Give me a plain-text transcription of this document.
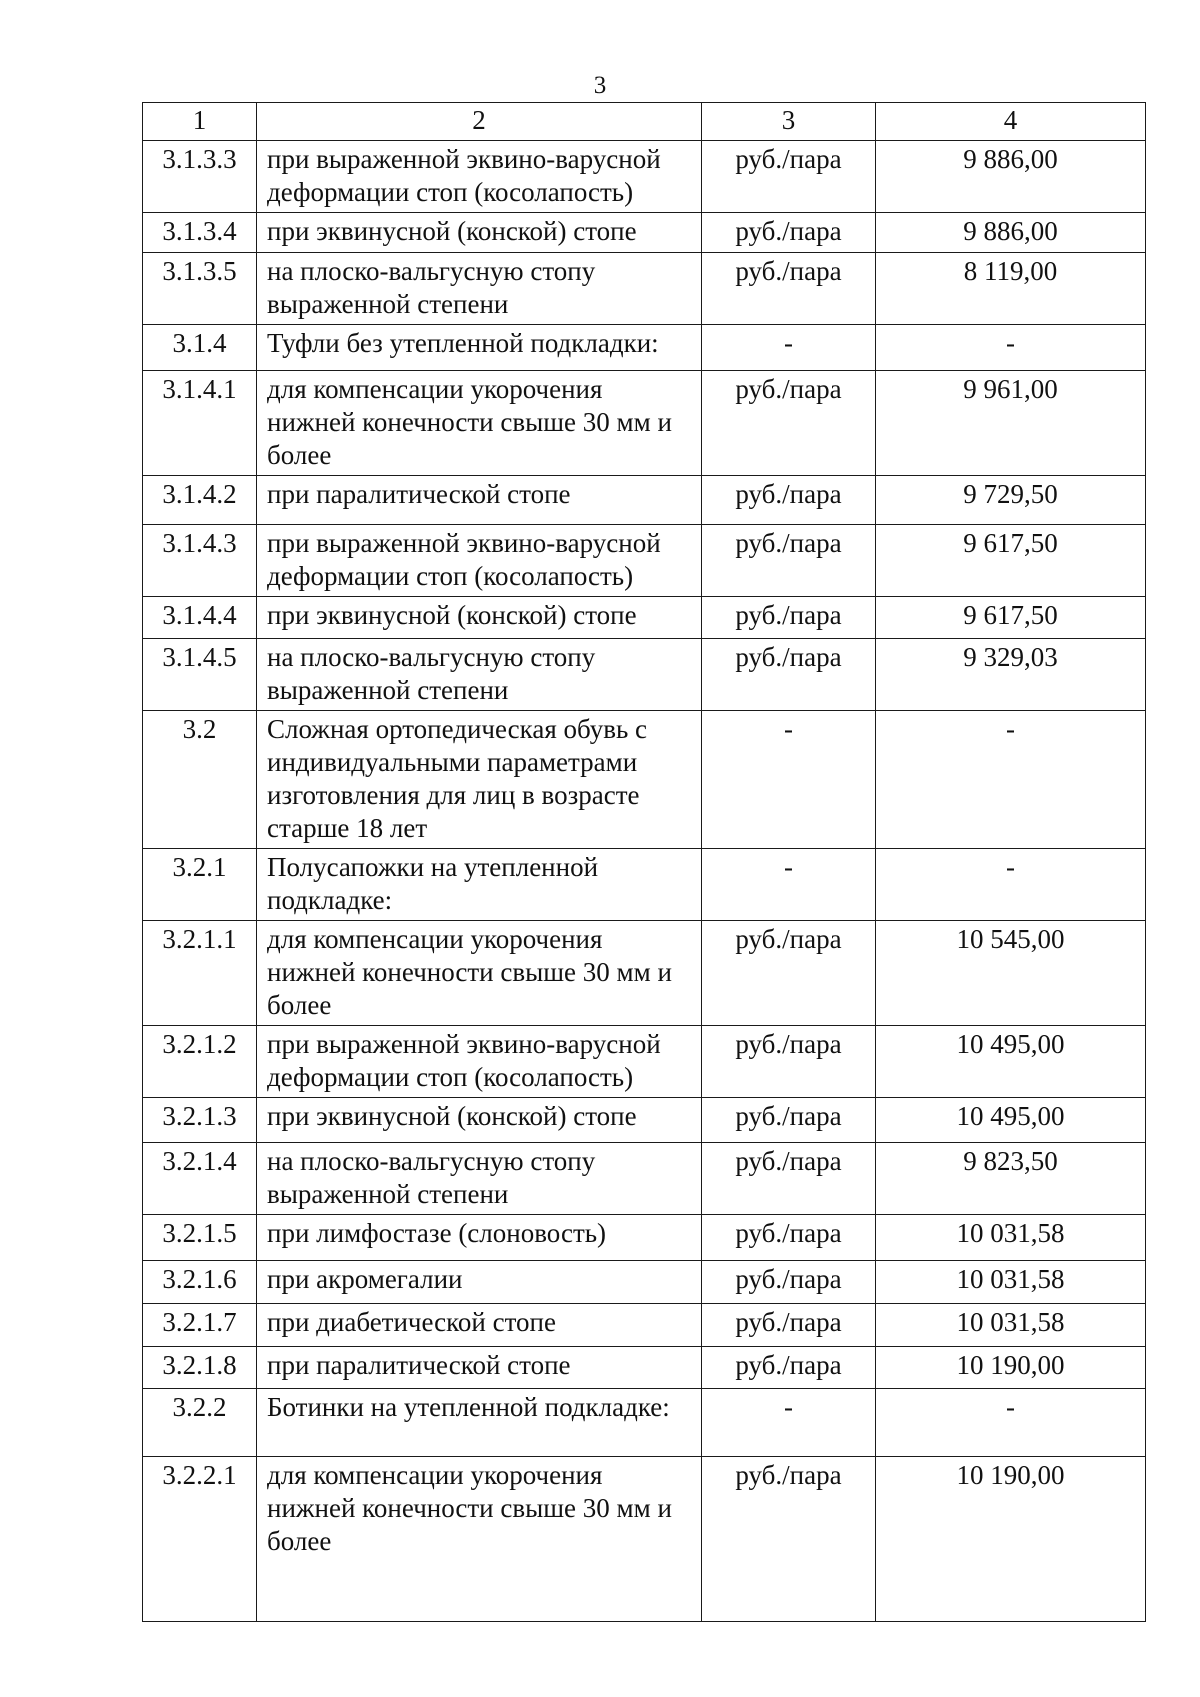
3
1	2	3	4
3.1.3.3	при выраженной эквино-варусной деформации стоп (косолапость)	руб./пара	9 886,00
3.1.3.4	при эквинусной (конской) стопе	руб./пара	9 886,00
3.1.3.5	на плоско-вальгусную стопу выраженной степени	руб./пара	8 119,00
3.1.4	Туфли без утепленной подкладки:	-	-
3.1.4.1	для компенсации укорочения нижней конечности свыше 30 мм и более	руб./пара	9 961,00
3.1.4.2	при паралитической стопе	руб./пара	9 729,50
3.1.4.3	при выраженной эквино-варусной деформации стоп (косолапость)	руб./пара	9 617,50
3.1.4.4	при эквинусной (конской) стопе	руб./пара	9 617,50
3.1.4.5	на плоско-вальгусную стопу выраженной степени	руб./пара	9 329,03
3.2	Сложная ортопедическая обувь с индивидуальными параметрами изготовления для лиц в возрасте старше 18 лет	-	-
3.2.1	Полусапожки на утепленной подкладке:	-	-
3.2.1.1	для компенсации укорочения нижней конечности свыше 30 мм и более	руб./пара	10 545,00
3.2.1.2	при выраженной эквино-варусной деформации стоп (косолапость)	руб./пара	10 495,00
3.2.1.3	при эквинусной (конской) стопе	руб./пара	10 495,00
3.2.1.4	на плоско-вальгусную стопу выраженной степени	руб./пара	9 823,50
3.2.1.5	при лимфостазе (слоновость)	руб./пара	10 031,58
3.2.1.6	при акромегалии	руб./пара	10 031,58
3.2.1.7	при диабетической стопе	руб./пара	10 031,58
3.2.1.8	при паралитической стопе	руб./пара	10 190,00
3.2.2	Ботинки на утепленной подкладке:	-	-
3.2.2.1	для компенсации укорочения нижней конечности свыше 30 мм и более	руб./пара	10 190,00
